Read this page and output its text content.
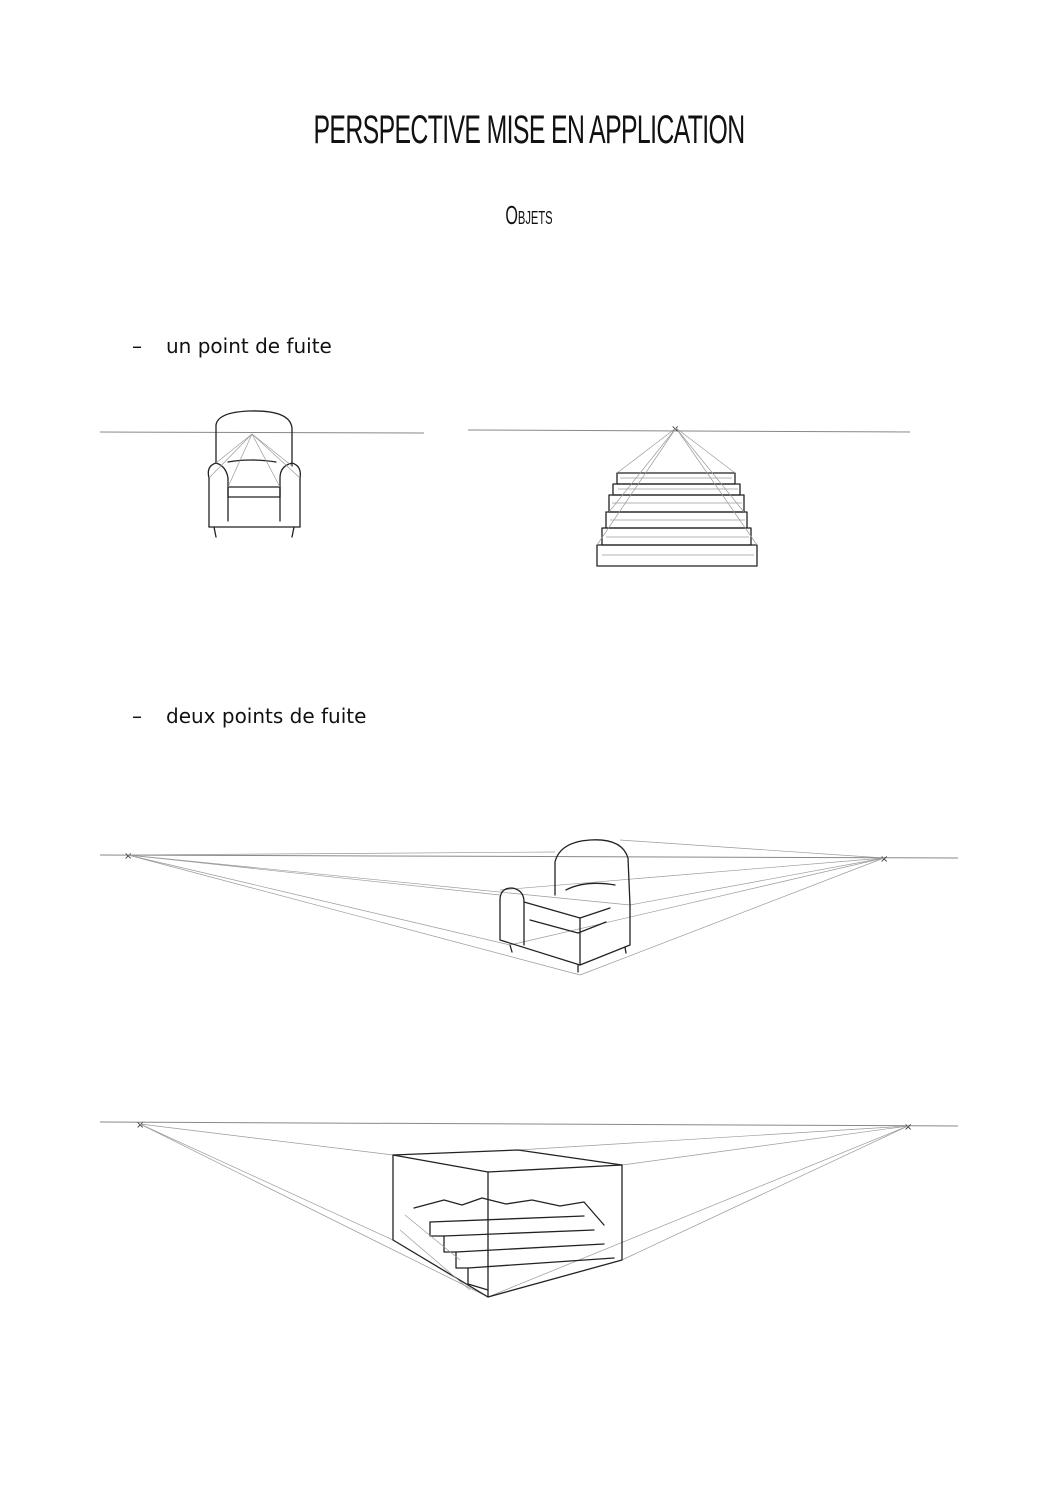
PERSPECTIVE MISE EN APPLICATION
Objets
– un point de fuite
– deux points de fuite
×
×	×
×	×
